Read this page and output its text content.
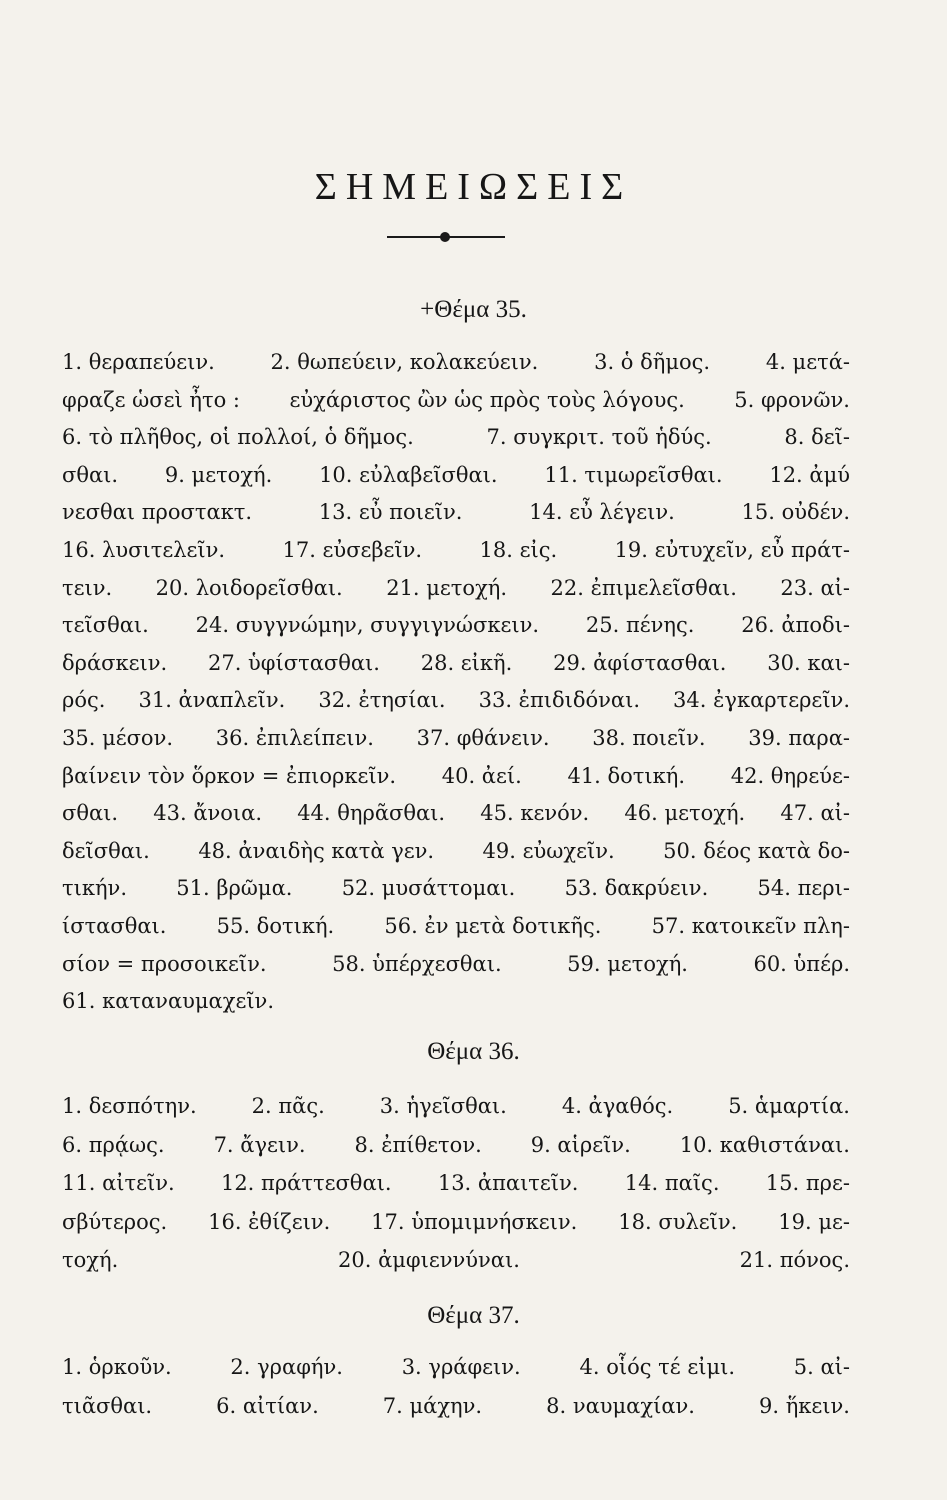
ΣΗΜΕΙΩΣΕΙΣ
+Θέμα 35.
1. θεραπεύειν.	2. θωπεύειν, κολακεύειν.	3. ὁ δῆμος.	4. μετά-
φραζε ὡσεὶ ἦτο : εὐχάριστος ὢν ὡς πρὸς τοὺς λόγους. 5. φρονῶν.
6. τὸ πλῆθος, οἱ πολλοί, ὁ δῆμος.	7. συγκριτ. τοῦ ἡδύς.	8. δεῖ-
σθαι. 9. μετοχή. 10. εὐλαβεῖσθαι. 11. τιμωρεῖσθαι. 12. ἀμύ
νεσθαι προστακτ.	13. εὖ ποιεῖν.	14. εὖ λέγειν.	15. οὐδέν.
16. λυσιτελεῖν.	17. εὐσεβεῖν.	18. εἰς.	19. εὐτυχεῖν, εὖ πράτ-
τειν. 20. λοιδορεῖσθαι. 21. μετοχή. 22. ἐπιμελεῖσθαι. 23. αἰ-
τεῖσθαι. 24. συγγνώμην, συγγιγνώσκειν. 25. πένης. 26. ἀποδι-
δράσκειν. 27. ὑφίστασθαι. 28. εἰκῆ. 29. ἀφίστασθαι. 30. και-
ρός. 31. ἀναπλεῖν. 32. ἐτησίαι. 33. ἐπιδιδόναι. 34. ἐγκαρτερεῖν.
35. μέσον. 36. ἐπιλείπειν. 37. φθάνειν. 38. ποιεῖν. 39. παρα-
βαίνειν τὸν ὅρκον = ἐπιορκεῖν. 40. ἀεί. 41. δοτική. 42. θηρεύε-
σθαι. 43. ἄνοια. 44. θηρᾶσθαι. 45. κενόν. 46. μετοχή. 47. αἰ-
δεῖσθαι. 48. ἀναιδὴς κατὰ γεν. 49. εὐωχεῖν. 50. δέος κατὰ δο-
τικήν. 51. βρῶμα. 52. μυσάττομαι. 53. δακρύειν. 54. περι-
ίστασθαι. 55. δοτική. 56. ἐν μετὰ δοτικῆς. 57. κατοικεῖν πλη-
σίον = προσοικεῖν.	58. ὑπέρχεσθαι.	59. μετοχή.	60. ὑπέρ.
61. καταναυμαχεῖν.
Θέμα 36.
1. δεσπότην.	2. πᾶς.	3. ἡγεῖσθαι.	4. ἀγαθός.	5. ἁμαρτία.
6. πρᾴως. 7. ἄγειν. 8. ἐπίθετον. 9. αἱρεῖν. 10. καθιστάναι.
11. αἰτεῖν. 12. πράττεσθαι. 13. ἀπαιτεῖν. 14. παῖς. 15. πρε-
σβύτερος. 16. ἐθίζειν. 17. ὑπομιμνήσκειν. 18. συλεῖν. 19. με-
τοχή.	20. ἀμφιεννύναι.	21. πόνος.
Θέμα 37.
1. ὁρκοῦν.	2. γραφήν.	3. γράφειν.	4. οἷός τέ εἰμι.	5. αἰ-
τιᾶσθαι.	6. αἰτίαν.	7. μάχην.	8. ναυμαχίαν.	9. ἥκειν.
